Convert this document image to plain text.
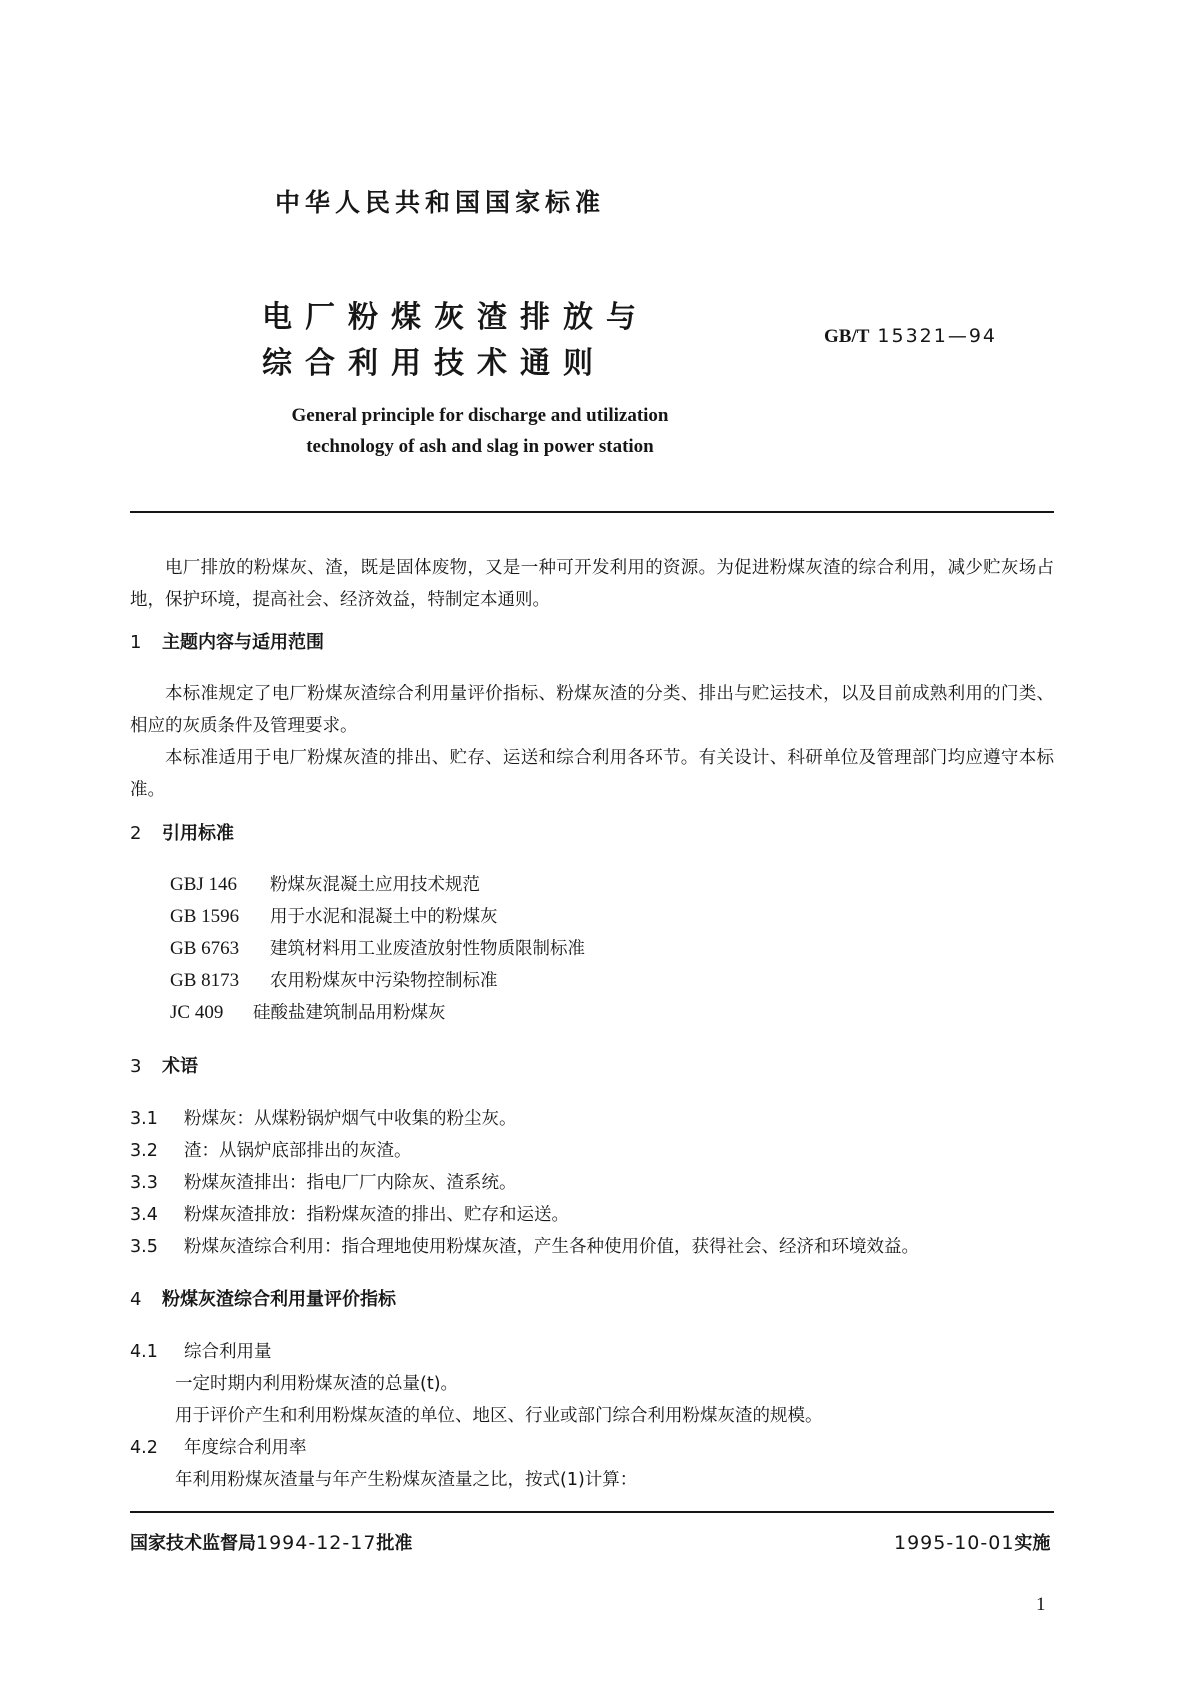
中华人民共和国国家标准
电厂粉煤灰渣排放与
综合利用技术通则
GB/T 15321—94
General principle for discharge and utilization
technology of ash and slag in power station
电厂排放的粉煤灰、渣，既是固体废物，又是一种可开发利用的资源。为促进粉煤灰渣的综合利用，减少贮灰场占地，保护环境，提高社会、经济效益，特制定本通则。
1 主题内容与适用范围
本标准规定了电厂粉煤灰渣综合利用量评价指标、粉煤灰渣的分类、排出与贮运技术，以及目前成熟利用的门类、相应的灰质条件及管理要求。
本标准适用于电厂粉煤灰渣的排出、贮存、运送和综合利用各环节。有关设计、科研单位及管理部门均应遵守本标准。
2 引用标准
GBJ 146 粉煤灰混凝土应用技术规范
GB 1596 用于水泥和混凝土中的粉煤灰
GB 6763 建筑材料用工业废渣放射性物质限制标准
GB 8173 农用粉煤灰中污染物控制标准
JC 409 硅酸盐建筑制品用粉煤灰
3 术语
3.1 粉煤灰：从煤粉锅炉烟气中收集的粉尘灰。
3.2 渣：从锅炉底部排出的灰渣。
3.3 粉煤灰渣排出：指电厂厂内除灰、渣系统。
3.4 粉煤灰渣排放：指粉煤灰渣的排出、贮存和运送。
3.5 粉煤灰渣综合利用：指合理地使用粉煤灰渣，产生各种使用价值，获得社会、经济和环境效益。
4 粉煤灰渣综合利用量评价指标
4.1 综合利用量
一定时期内利用粉煤灰渣的总量(t)。
用于评价产生和利用粉煤灰渣的单位、地区、行业或部门综合利用粉煤灰渣的规模。
4.2 年度综合利用率
年利用粉煤灰渣量与年产生粉煤灰渣量之比，按式(1)计算：
国家技术监督局1994-12-17批准	1995-10-01实施
1
